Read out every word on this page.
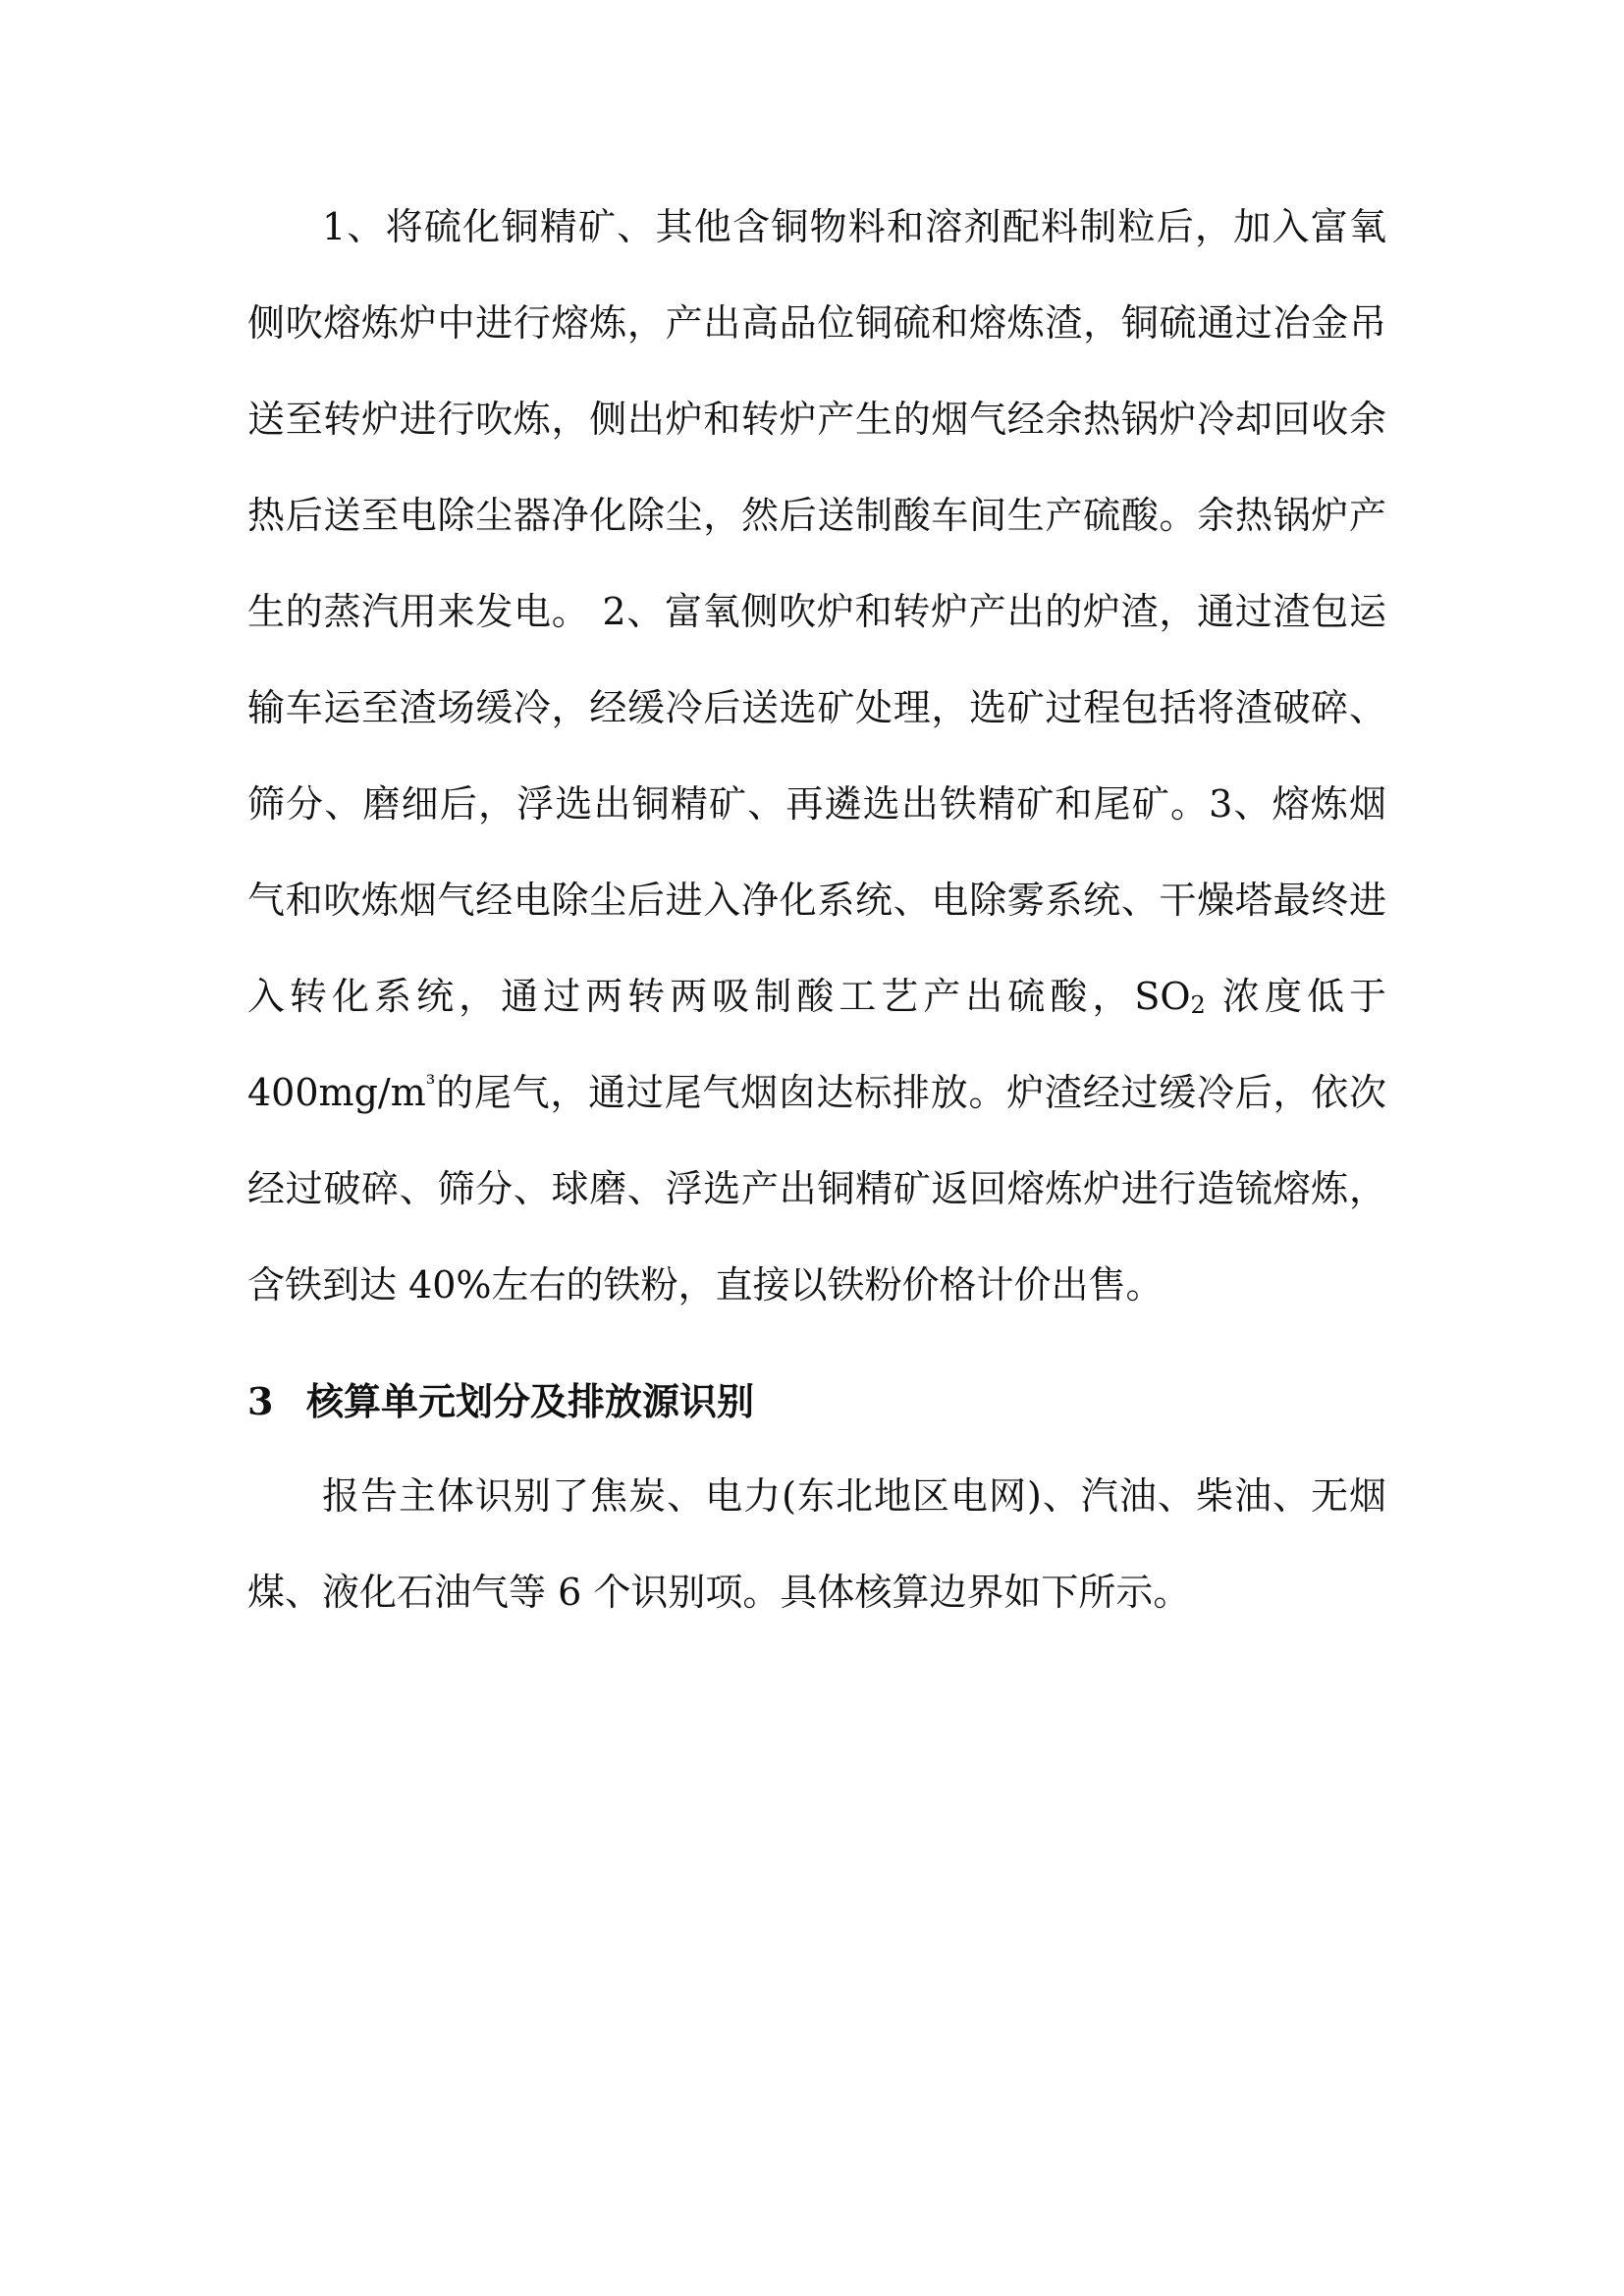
1、将硫化铜精矿、其他含铜物料和溶剂配料制粒后，加入富氧侧吹熔炼炉中进行熔炼，产出高品位铜硫和熔炼渣，铜硫通过冶金吊送至转炉进行吹炼，侧出炉和转炉产生的烟气经余热锅炉冷却回收余热后送至电除尘器净化除尘，然后送制酸车间生产硫酸。余热锅炉产生的蒸汽用来发电。 2、富氧侧吹炉和转炉产出的炉渣，通过渣包运输车运至渣场缓冷，经缓冷后送选矿处理，选矿过程包括将渣破碎、筛分、磨细后，浮选出铜精矿、再遴选出铁精矿和尾矿。3、熔炼烟气和吹炼烟气经电除尘后进入净化系统、电除雾系统、干燥塔最终进入转化系统，通过两转两吸制酸工艺产出硫酸，$SO_2$ 浓度低于$400mg/m^{^3}$的尾气，通过尾气烟囱达标排放。炉渣经过缓冷后，依次经过破碎、筛分、球磨、浮选产出铜精矿返回熔炼炉进行造锍熔炼，含铁到达 40%左右的铁粉，直接以铁粉价格计价出售。

3 核算单元划分及排放源识别

报告主体识别了焦炭、电力(东北地区电网)、汽油、柴油、无烟煤、液化石油气等 6 个识别项。具体核算边界如下所示。
